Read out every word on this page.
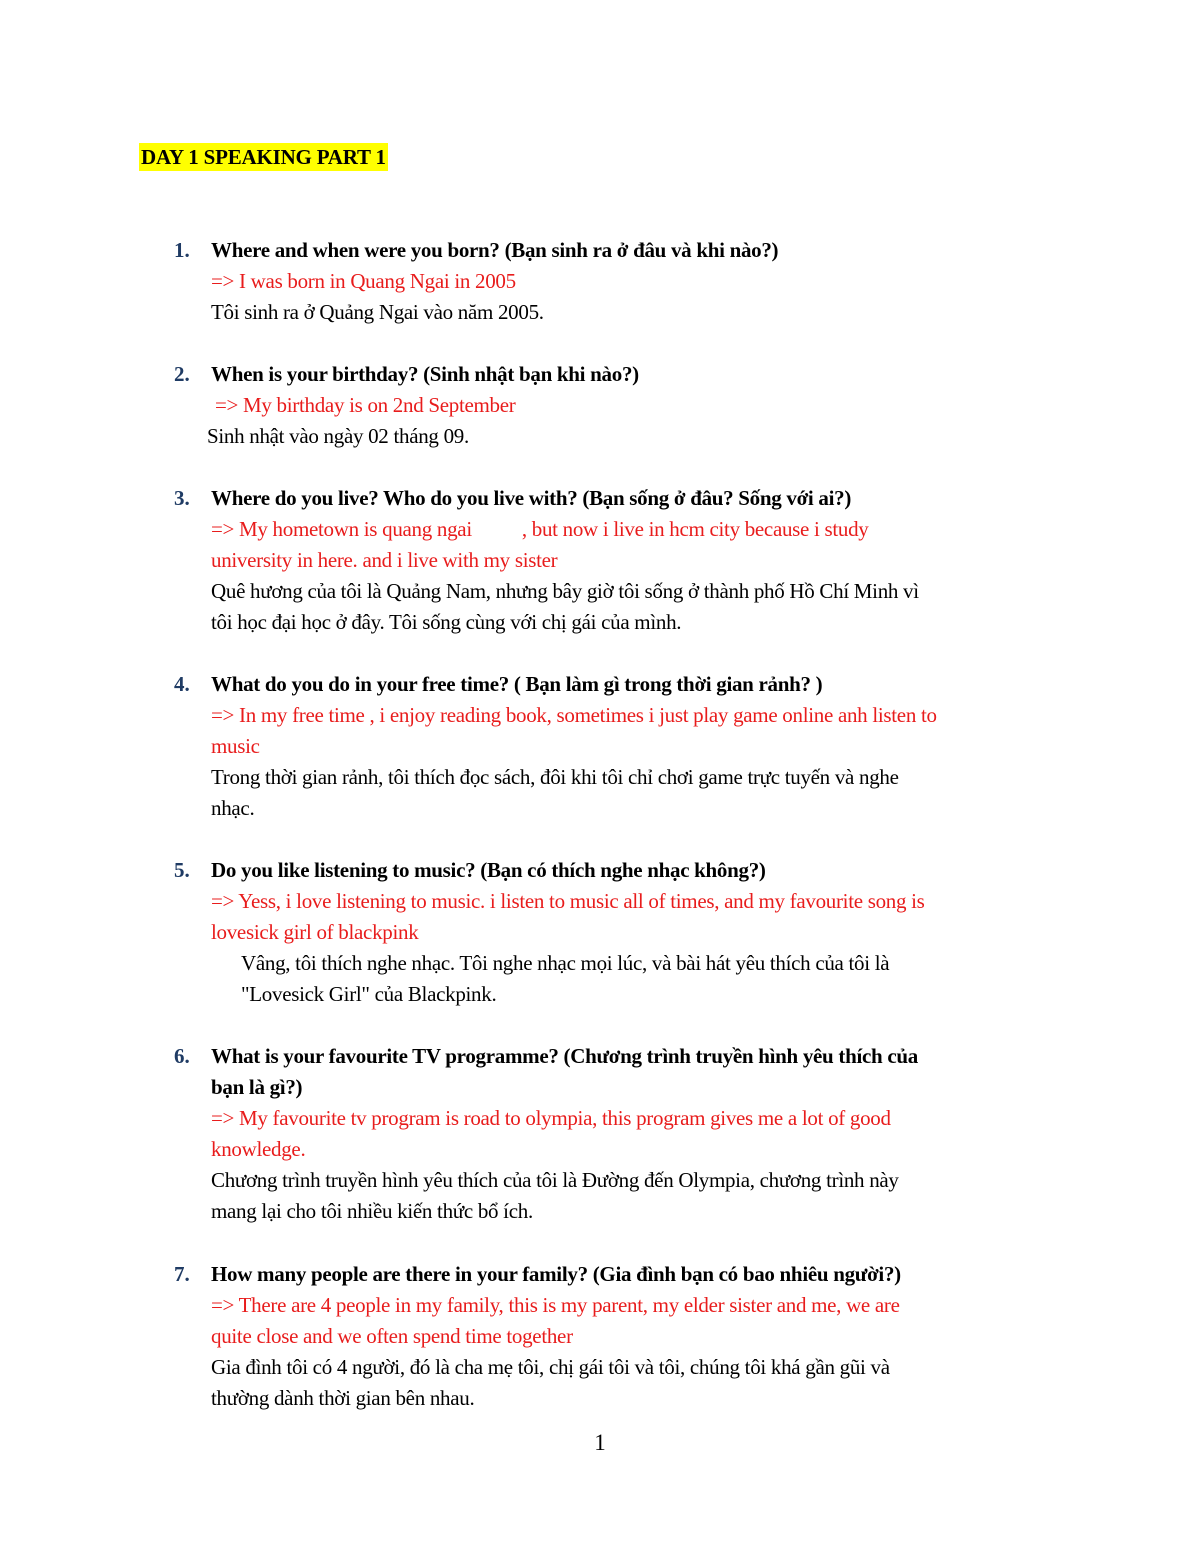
DAY 1 SPEAKING PART 1
1. Where and when were you born? (Bạn sinh ra ở đâu và khi nào?)
=> I was born in Quang Ngai in 2005
Tôi sinh ra ở Quảng Ngai vào năm 2005.
2. When is your birthday? (Sinh nhật bạn khi nào?)
=> My birthday is on 2nd September
Sinh nhật vào ngày 02 tháng 09.
3. Where do you live? Who do you live with? (Bạn sống ở đâu? Sống với ai?)
=> My hometown is quang ngai , but now i live in hcm city because i study
university in here. and i live with my sister
Quê hương của tôi là Quảng Nam, nhưng bây giờ tôi sống ở thành phố Hồ Chí Minh vì
tôi học đại học ở đây. Tôi sống cùng với chị gái của mình.
4. What do you do in your free time? ( Bạn làm gì trong thời gian rảnh? )
=> In my free time , i enjoy reading book, sometimes i just play game online anh listen to
music
Trong thời gian rảnh, tôi thích đọc sách, đôi khi tôi chỉ chơi game trực tuyến và nghe
nhạc.
5. Do you like listening to music? (Bạn có thích nghe nhạc không?)
=> Yess, i love listening to music. i listen to music all of times, and my favourite song is
lovesick girl of blackpink
Vâng, tôi thích nghe nhạc. Tôi nghe nhạc mọi lúc, và bài hát yêu thích của tôi là
"Lovesick Girl" của Blackpink.
6. What is your favourite TV programme? (Chương trình truyền hình yêu thích của
bạn là gì?)
=> My favourite tv program is road to olympia, this program gives me a lot of good
knowledge.
Chương trình truyền hình yêu thích của tôi là Đường đến Olympia, chương trình này
mang lại cho tôi nhiều kiến thức bổ ích.
7. How many people are there in your family? (Gia đình bạn có bao nhiêu người?)
=> There are 4 people in my family, this is my parent, my elder sister and me, we are
quite close and we often spend time together
Gia đình tôi có 4 người, đó là cha mẹ tôi, chị gái tôi và tôi, chúng tôi khá gần gũi và
thường dành thời gian bên nhau.
1
